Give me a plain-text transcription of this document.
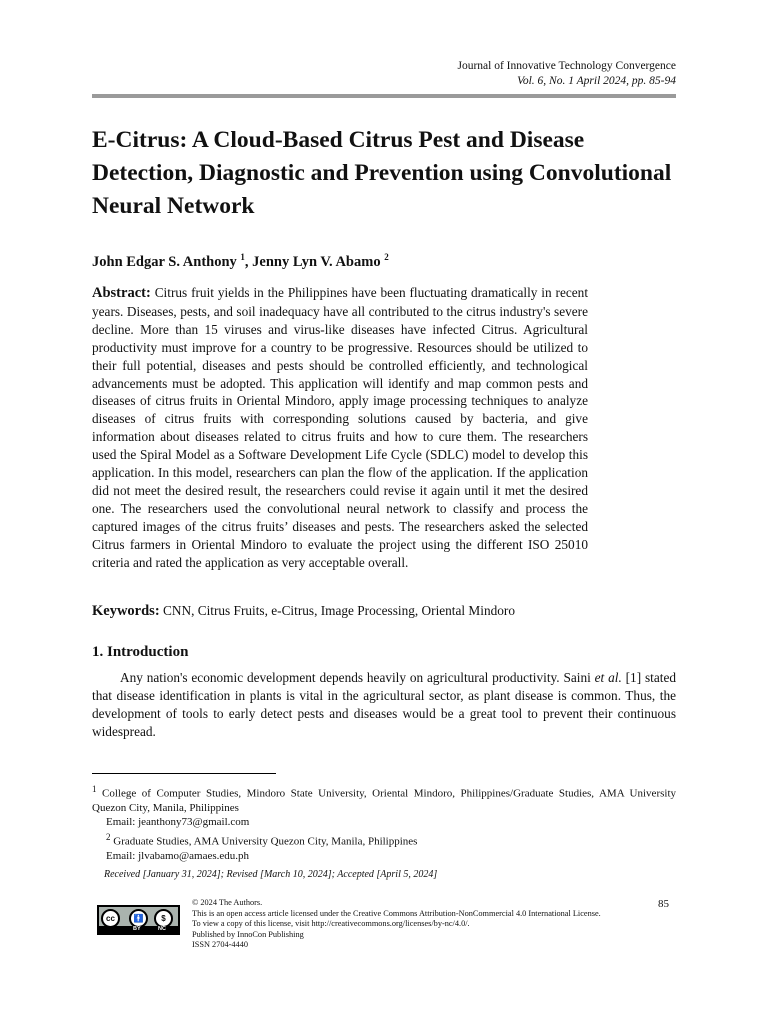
Journal of Innovative Technology Convergence
Vol. 6, No. 1 April 2024, pp. 85-94
E-Citrus: A Cloud-Based Citrus Pest and Disease Detection, Diagnostic and Prevention using Convolutional Neural Network
John Edgar S. Anthony $^1$, Jenny Lyn V. Abamo $^2$
Abstract: Citrus fruit yields in the Philippines have been fluctuating dramatically in recent years. Diseases, pests, and soil inadequacy have all contributed to the citrus industry's severe decline. More than 15 viruses and virus-like diseases have infected Citrus. Agricultural productivity must improve for a country to be progressive. Resources should be utilized to their full potential, diseases and pests should be controlled efficiently, and technological advancements must be adopted. This application will identify and map common pests and diseases of citrus fruits in Oriental Mindoro, apply image processing techniques to analyze diseases of citrus fruits with corresponding solutions caused by bacteria, and give information about diseases related to citrus fruits and how to cure them. The researchers used the Spiral Model as a Software Development Life Cycle (SDLC) model to develop this application. In this model, researchers can plan the flow of the application. If the application did not meet the desired result, the researchers could revise it again until it met the desired one. The researchers used the convolutional neural network to classify and process the captured images of the citrus fruits’ diseases and pests. The researchers asked the selected Citrus farmers in Oriental Mindoro to evaluate the project using the different ISO 25010 criteria and rated the application as very acceptable overall.
Keywords: CNN, Citrus Fruits, e-Citrus, Image Processing, Oriental Mindoro
1. Introduction
Any nation's economic development depends heavily on agricultural productivity. Saini et al. [1] stated that disease identification in plants is vital in the agricultural sector, as plant disease is common. Thus, the development of tools to early detect pests and diseases would be a great tool to prevent their continuous widespread.

$^1$ College of Computer Studies, Mindoro State University, Oriental Mindoro, Philippines/Graduate Studies, AMA University Quezon City, Manila, Philippines

Email: jeanthony73@gmail.com

$^2$ Graduate Studies, AMA University Quezon City, Manila, Philippines

Email: jlvabamo@amaes.edu.ph

Received [January 31, 2024]; Revised [March 10, 2024]; Accepted [April 5, 2024]
cc	🚹	$
BY	NC
© 2024 The Authors.
This is an open access article licensed under the Creative Commons Attribution-NonCommercial 4.0 International License.
To view a copy of this license, visit http://creativecommons.org/licenses/by-nc/4.0/.
Published by InnoCon Publishing
ISSN 2704-4440
85
